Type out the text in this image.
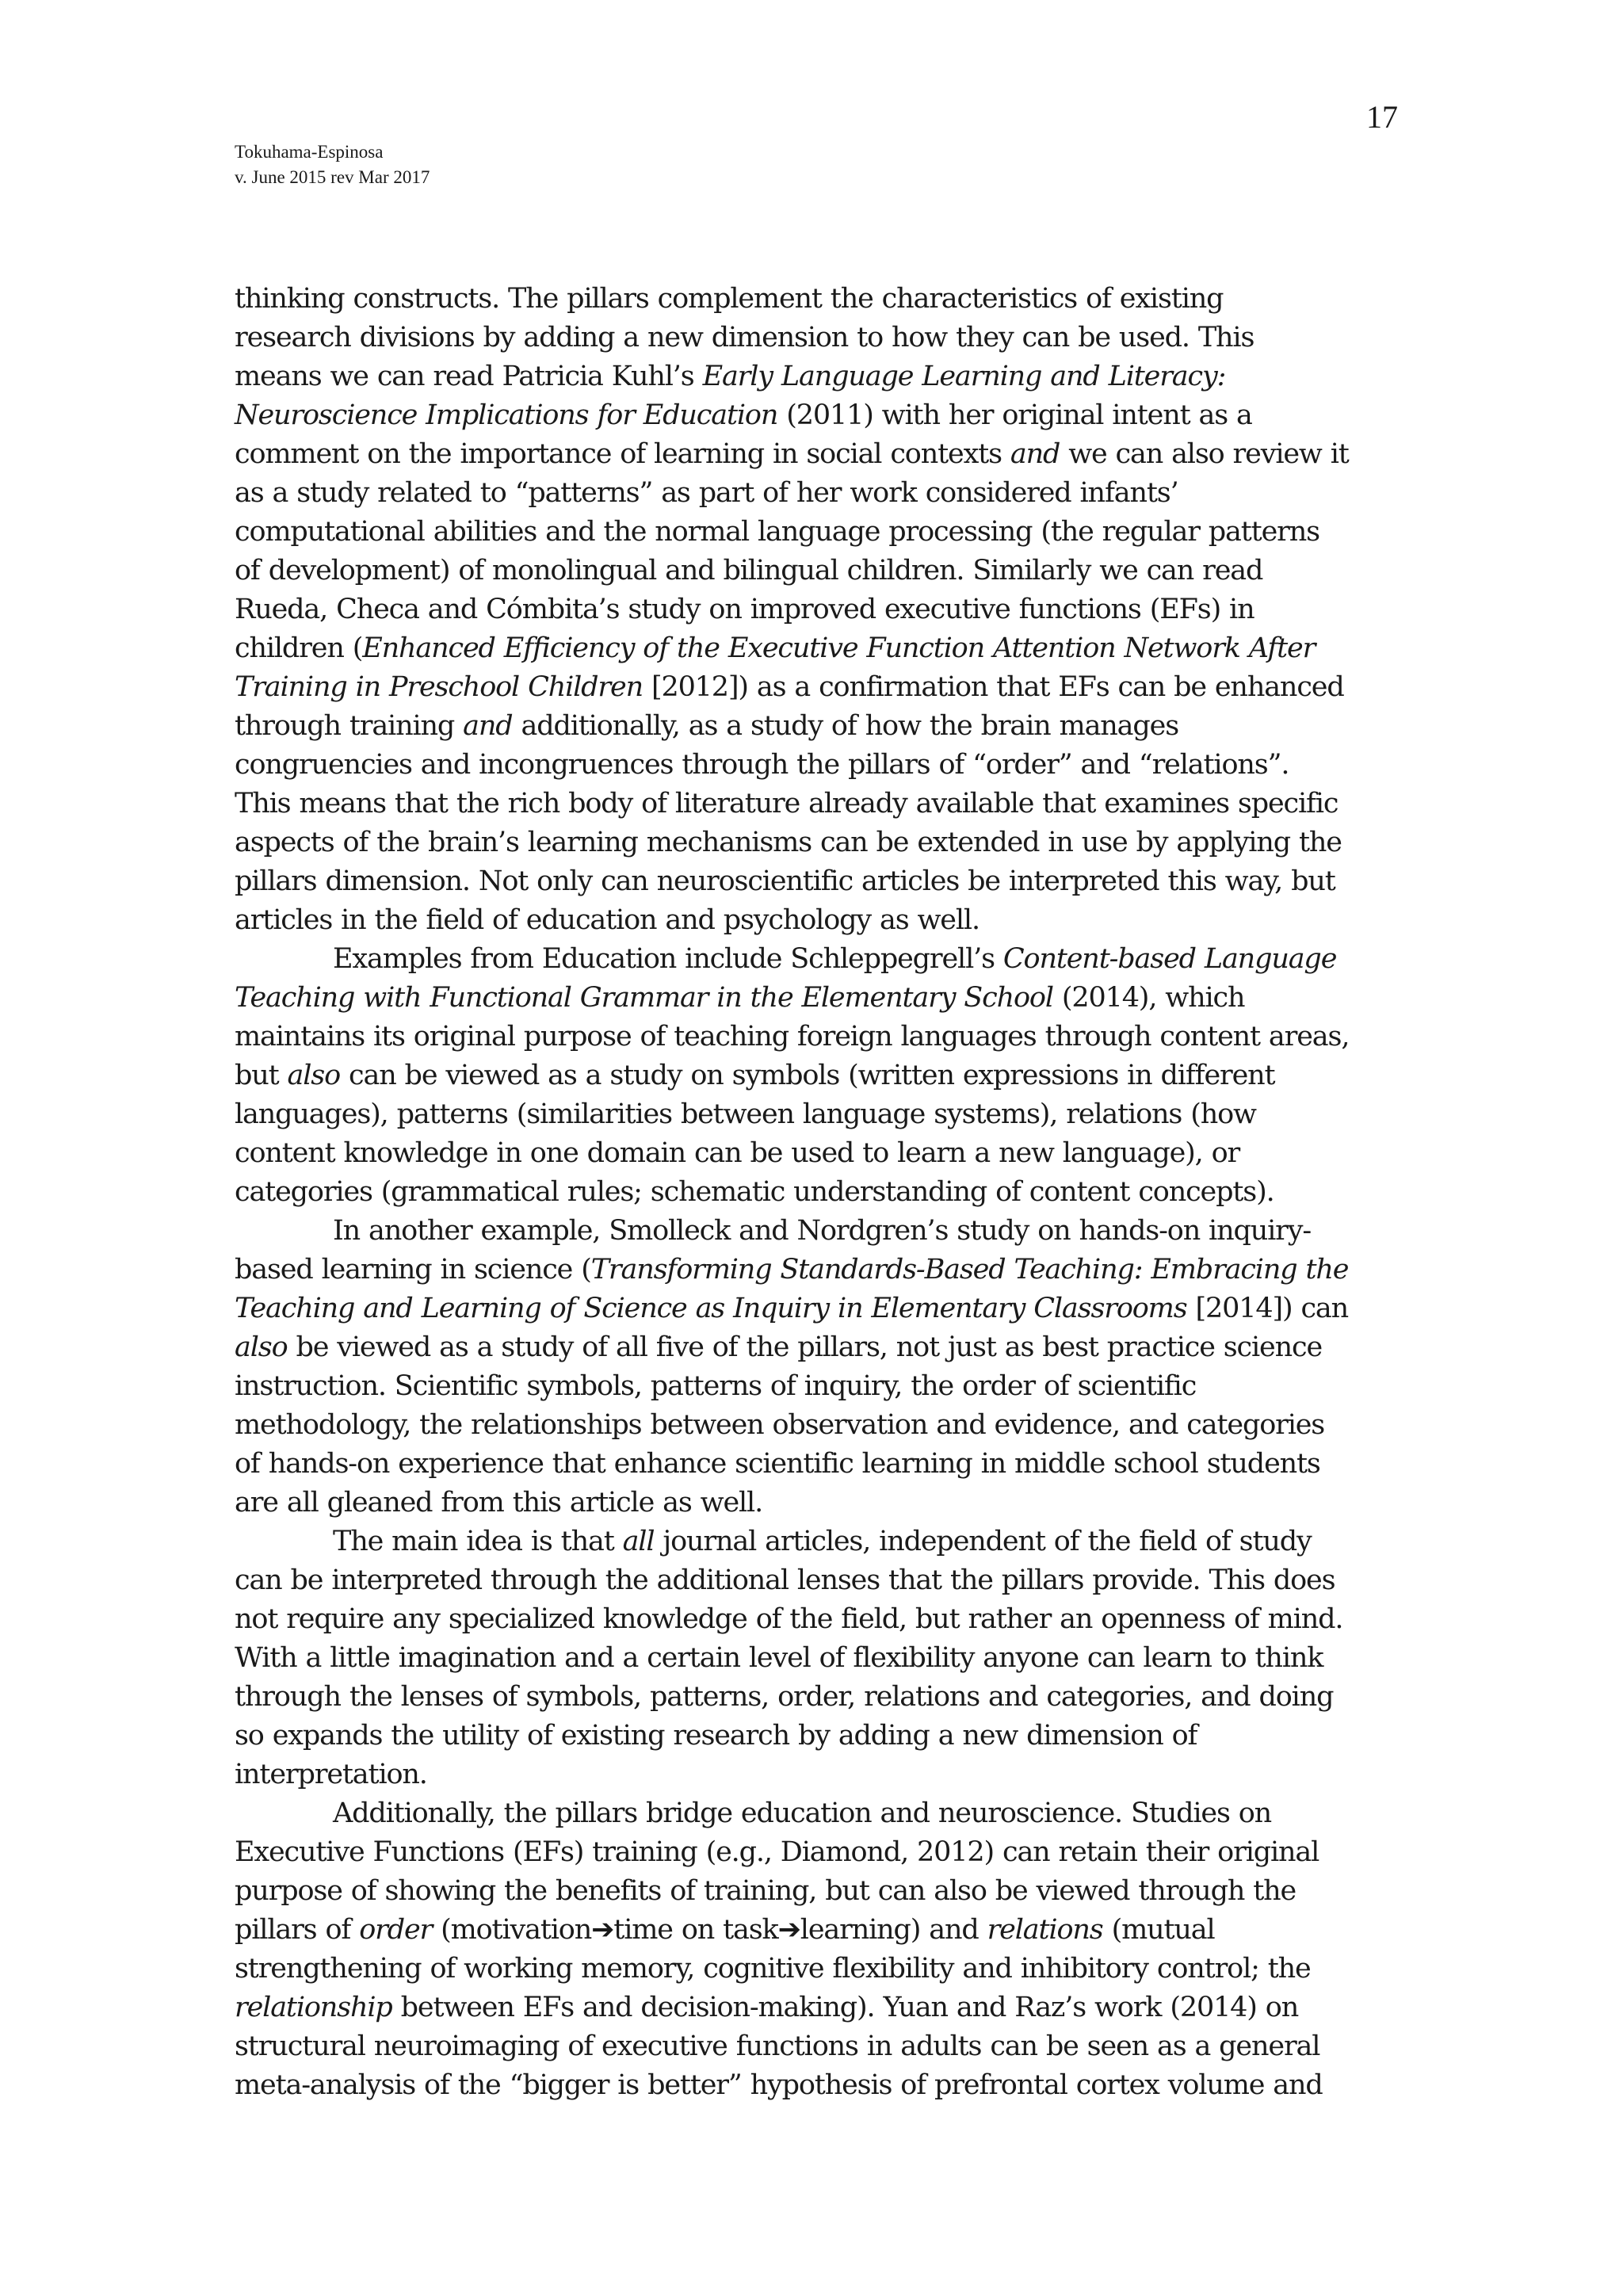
17
Tokuhama-Espinosa
v. June 2015 rev Mar 2017
thinking constructs. The pillars complement the characteristics of existing
research divisions by adding a new dimension to how they can be used. This
means we can read Patricia Kuhl’s Early Language Learning and Literacy:
Neuroscience Implications for Education (2011) with her original intent as a
comment on the importance of learning in social contexts and we can also review it
as a study related to “patterns” as part of her work considered infants’
computational abilities and the normal language processing (the regular patterns
of development) of monolingual and bilingual children. Similarly we can read
Rueda, Checa and Cómbita’s study on improved executive functions (EFs) in
children (Enhanced Efficiency of the Executive Function Attention Network After
Training in Preschool Children [2012]) as a confirmation that EFs can be enhanced
through training and additionally, as a study of how the brain manages
congruencies and incongruences through the pillars of “order” and “relations”.
This means that the rich body of literature already available that examines specific
aspects of the brain’s learning mechanisms can be extended in use by applying the
pillars dimension. Not only can neuroscientific articles be interpreted this way, but
articles in the field of education and psychology as well.
Examples from Education include Schleppegrell’s Content-based Language
Teaching with Functional Grammar in the Elementary School (2014), which
maintains its original purpose of teaching foreign languages through content areas,
but also can be viewed as a study on symbols (written expressions in different
languages), patterns (similarities between language systems), relations (how
content knowledge in one domain can be used to learn a new language), or
categories (grammatical rules; schematic understanding of content concepts).
In another example, Smolleck and Nordgren’s study on hands-on inquiry-
based learning in science (Transforming Standards-Based Teaching: Embracing the
Teaching and Learning of Science as Inquiry in Elementary Classrooms [2014]) can
also be viewed as a study of all five of the pillars, not just as best practice science
instruction. Scientific symbols, patterns of inquiry, the order of scientific
methodology, the relationships between observation and evidence, and categories
of hands-on experience that enhance scientific learning in middle school students
are all gleaned from this article as well.
The main idea is that all journal articles, independent of the field of study
can be interpreted through the additional lenses that the pillars provide. This does
not require any specialized knowledge of the field, but rather an openness of mind.
With a little imagination and a certain level of flexibility anyone can learn to think
through the lenses of symbols, patterns, order, relations and categories, and doing
so expands the utility of existing research by adding a new dimension of
interpretation.
Additionally, the pillars bridge education and neuroscience. Studies on
Executive Functions (EFs) training (e.g., Diamond, 2012) can retain their original
purpose of showing the benefits of training, but can also be viewed through the
pillars of order (motivation➔time on task➔learning) and relations (mutual
strengthening of working memory, cognitive flexibility and inhibitory control; the
relationship between EFs and decision-making). Yuan and Raz’s work (2014) on
structural neuroimaging of executive functions in adults can be seen as a general
meta-analysis of the “bigger is better” hypothesis of prefrontal cortex volume and
